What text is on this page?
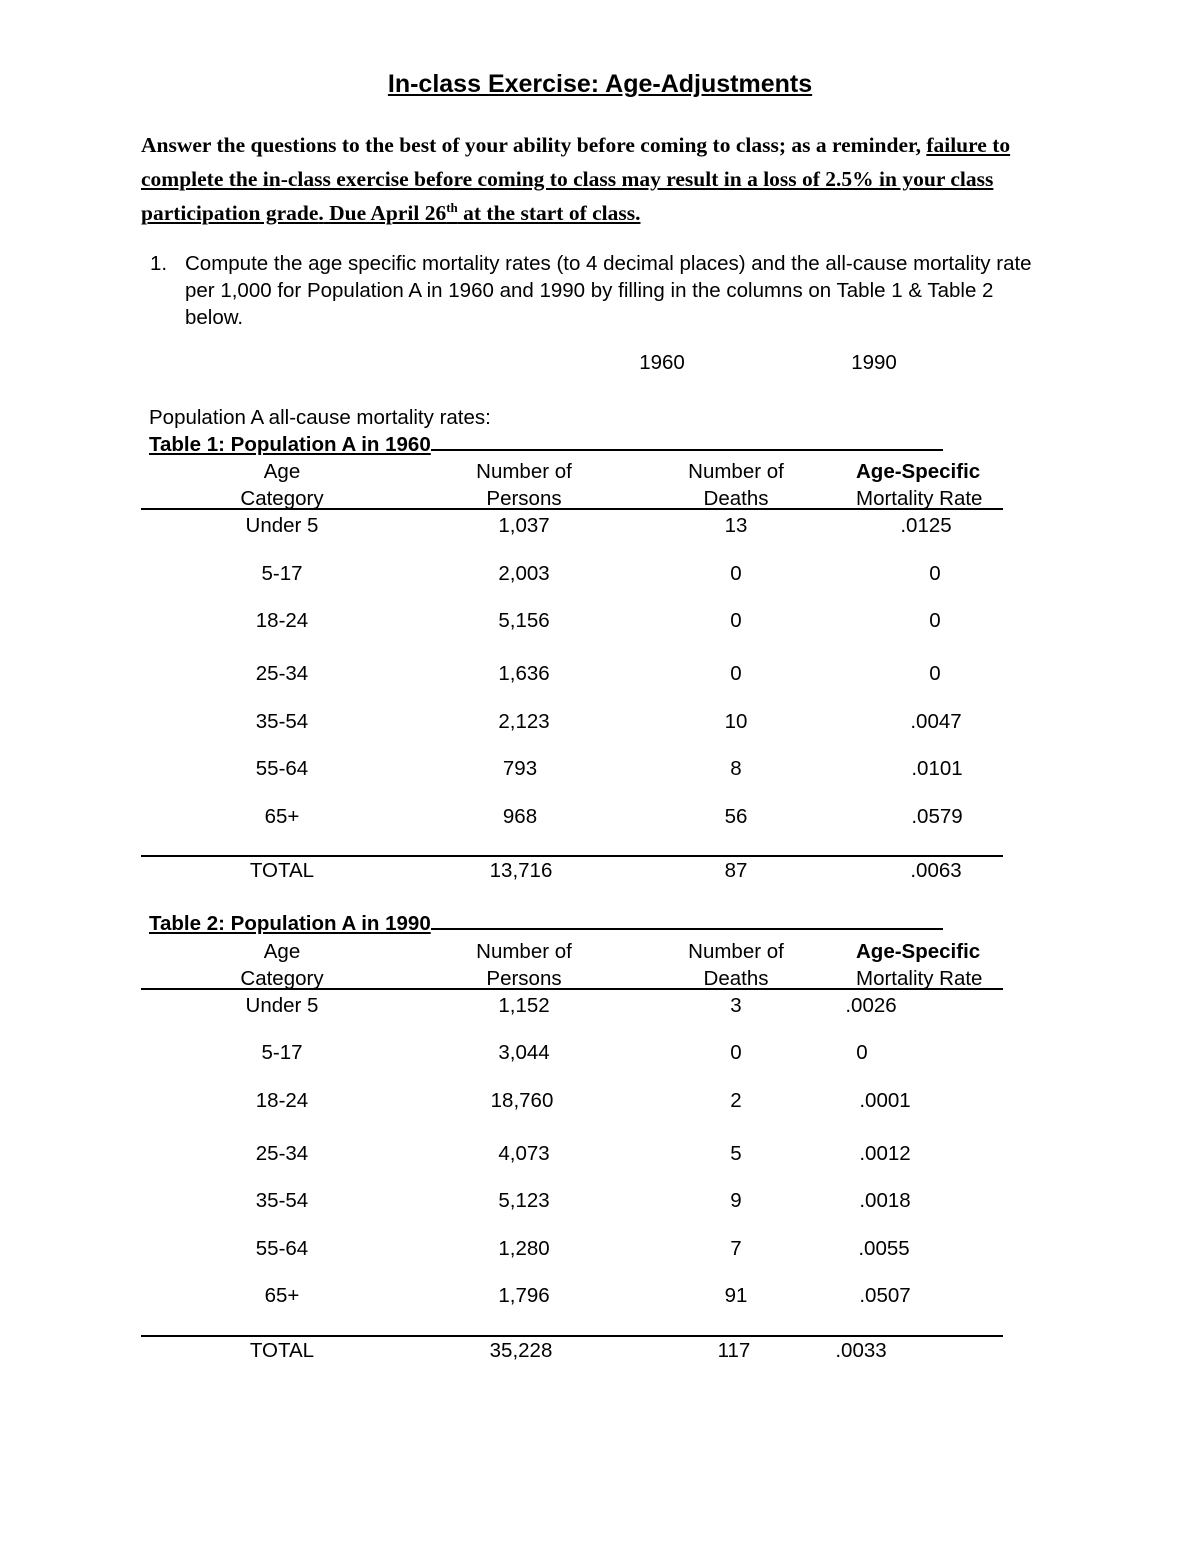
In-class Exercise: Age-Adjustments
Answer the questions to the best of your ability before coming to class; as a reminder, failure to complete the in-class exercise before coming to class may result in a loss of 2.5% in your class participation grade. Due April 26th at the start of class.
1. Compute the age specific mortality rates (to 4 decimal places) and the all-cause mortality rate per 1,000 for Population A in 1960 and 1990 by filling in the columns on Table 1 & Table 2 below.
1960	1990
Population A all-cause mortality rates:
Table 1: Population A in 1960
Age
Category
Number of
Persons
Number of
Deaths
Age-Specific
Mortality Rate
Under 5	1,037	13	.0125
5-17	2,003	0	0
18-24	5,156	0	0
25-34	1,636	0	0
35-54	2,123	10	.0047
55-64	793	8	.0101
65+	968	56	.0579
TOTAL	13,716	87	.0063
Table 2: Population A in 1990
Age
Category
Number of
Persons
Number of
Deaths
Age-Specific
Mortality Rate
Under 5	1,152	3	.0026
5-17	3,044	0	0
18-24	18,760	2	.0001
25-34	4,073	5	.0012
35-54	5,123	9	.0018
55-64	1,280	7	.0055
65+	1,796	91	.0507
TOTAL	35,228	117	.0033
